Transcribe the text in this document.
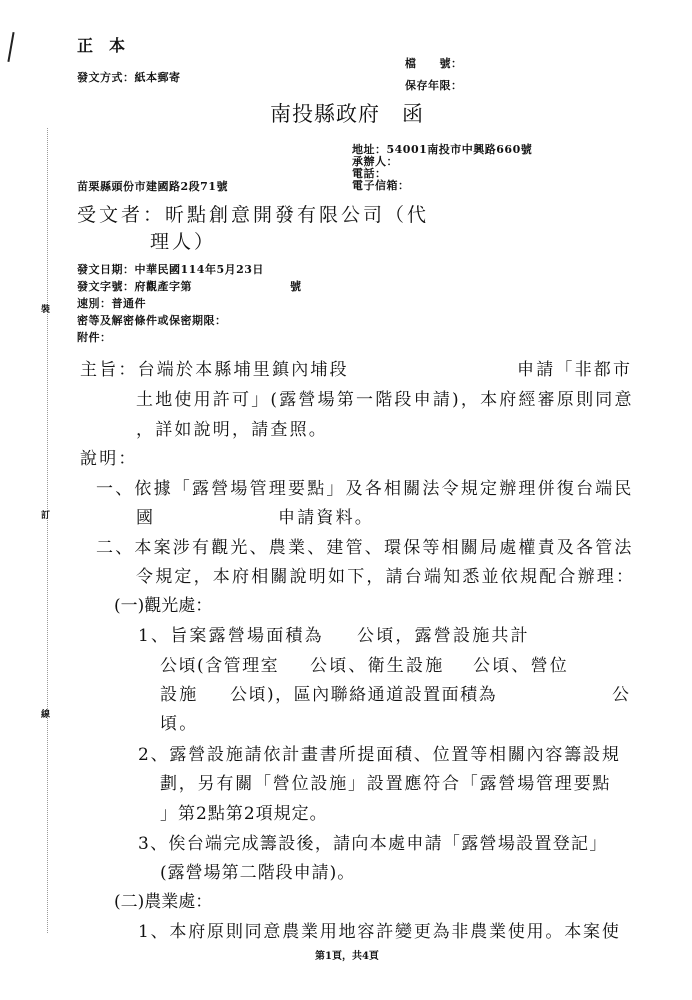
裝
訂
線
正　本
發文方式：紙本郵寄
檔　　號：
保存年限：
南投縣政府　函
地址：54001南投市中興路660號
承辦人：
電話：
電子信箱：
苗栗縣頭份市建國路2段71號
受文者：昕點創意開發有限公司（代
理人）
發文日期：中華民國114年5月23日
發文字號：府觀產字第	號
速別：普通件
密等及解密條件或保密期限：
附件：
主旨：台端於本縣埔里鎮內埔段	申請「非都市
土地使用許可」(露營場第一階段申請)，本府經審原則同意
，詳如說明，請查照。
說明：
一、依據「露營場管理要點」及各相關法令規定辦理併復台端民
國	申請資料。
二、本案涉有觀光、農業、建管、環保等相關局處權責及各管法
令規定，本府相關說明如下，請台端知悉並依規配合辦理：
(一)觀光處：
1、旨案露營場面積為 公頃，露營設施共計
公頃(含管理室 公頃、衛生設施 公頃、營位
設施 公頃)，區內聯絡通道設置面積為	公
頃。
2、露營設施請依計畫書所提面積、位置等相關內容籌設規
劃，另有關「營位設施」設置應符合「露營場管理要點
」第2點第2項規定。
3、俟台端完成籌設後，請向本處申請「露營場設置登記」
(露營場第二階段申請)。
(二)農業處：
1、本府原則同意農業用地容許變更為非農業使用。本案使
第1頁，共4頁
